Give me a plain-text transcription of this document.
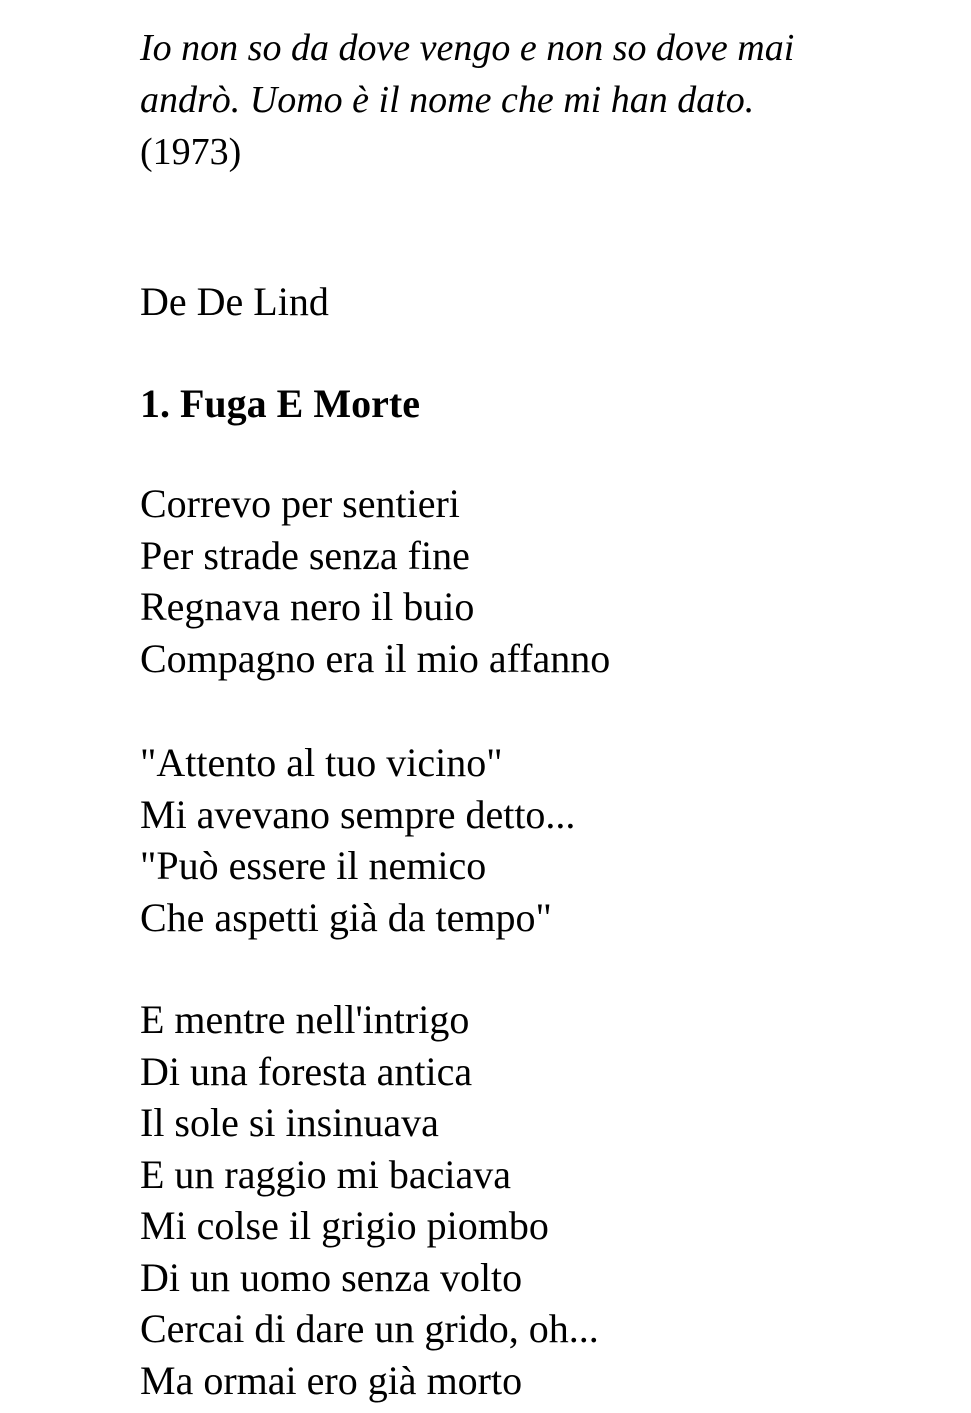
Io non so da dove vengo e non so dove mai
andrò. Uomo è il nome che mi han dato.
(1973)

De De Lind

1. Fuga E Morte

Correvo per sentieri
Per strade senza fine
Regnava nero il buio
Compagno era il mio affanno

"Attento al tuo vicino"
Mi avevano sempre detto...
"Può essere il nemico
Che aspetti già da tempo"

E mentre nell'intrigo
Di una foresta antica
Il sole si insinuava
E un raggio mi baciava
Mi colse il grigio piombo
Di un uomo senza volto
Cercai di dare un grido, oh...
Ma ormai ero già morto
